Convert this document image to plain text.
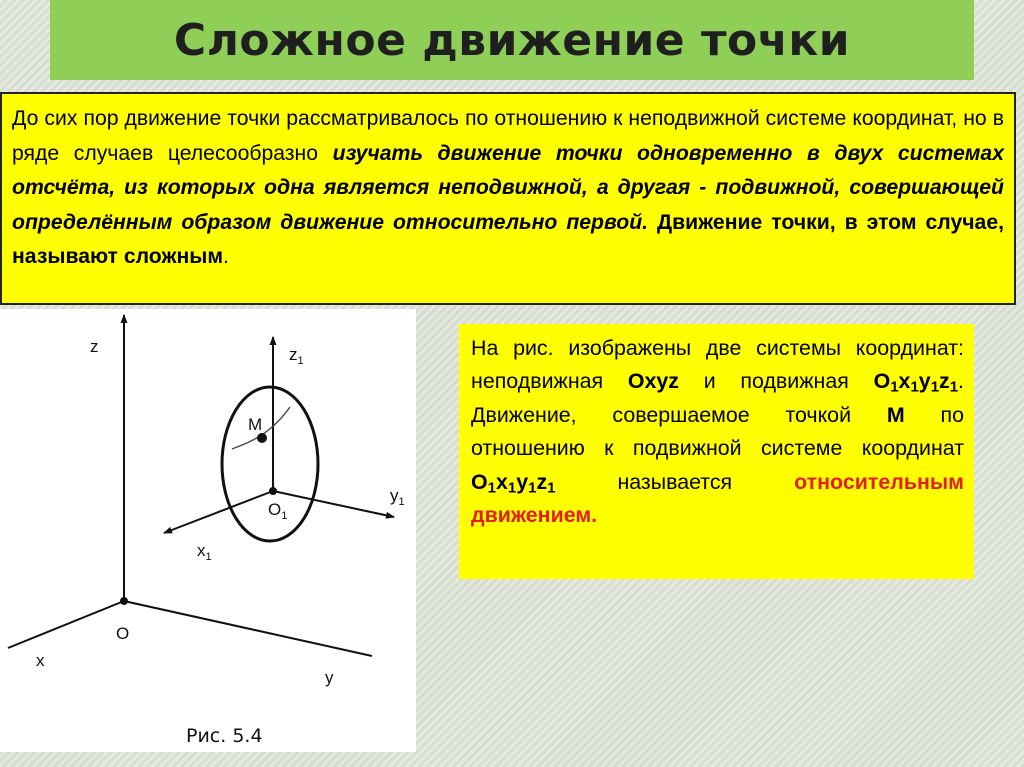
Сложное движение точки
До сих пор движение точки рассматривалось по отношению к неподвижной системе координат, но в ряде случаев целесообразно изучать движение точки одновременно в двух системах отсчёта, из которых одна является неподвижной, а другая - подвижной, совершающей определённым образом движение относительно первой. Движение точки, в этом случае, называют сложным.
z	$z_1$
M
$O_1$
$y_1$
$x_1$
O
x
y
Рис. 5.4
На рис. изображены две системы координат: неподвижная Oxyz и подвижная $O_1x_1y_1z_1$. Движение, совершаемое точкой M по отношению к подвижной системе координат $O_1x_1y_1z_1$ называется относительным движением.
